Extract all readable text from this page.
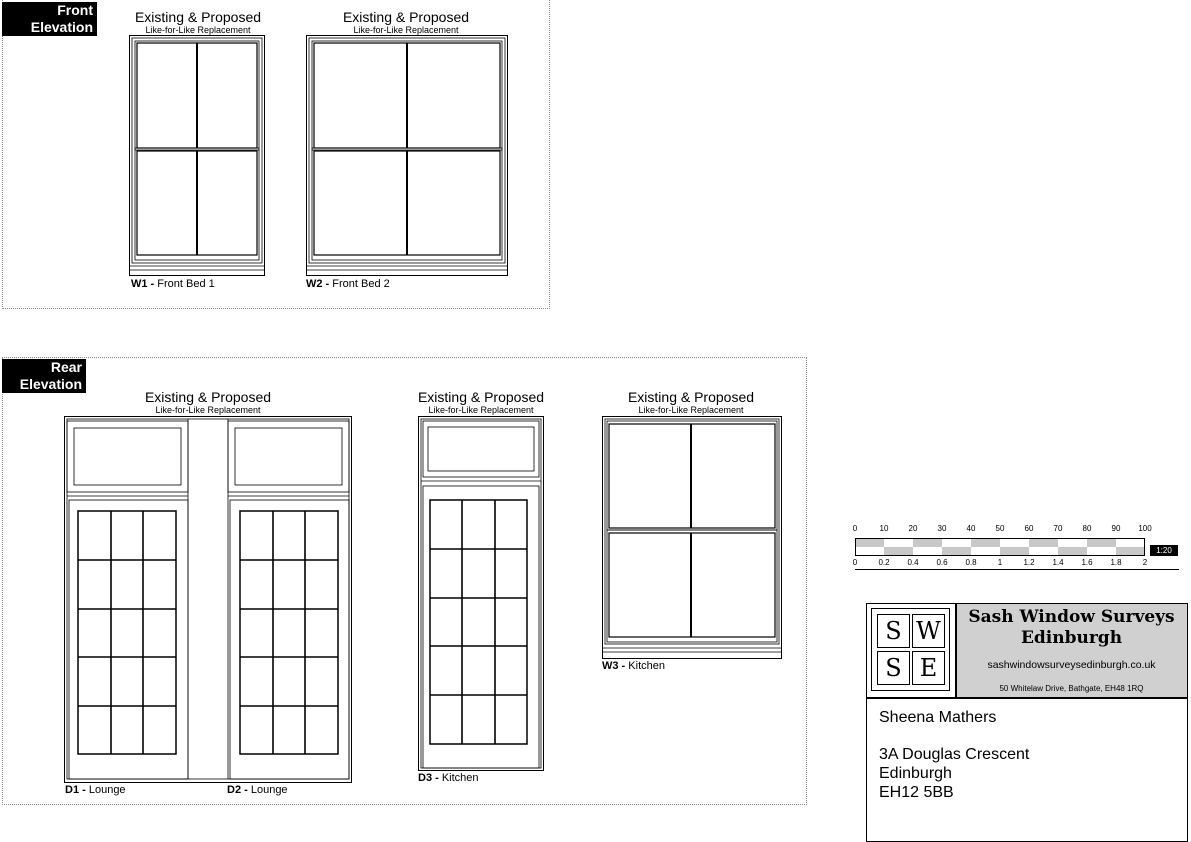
Front
Elevation
Existing & Proposed
Like-for-Like Replacement
W1 - Front Bed 1
Existing & Proposed
Like-for-Like Replacement
W2 - Front Bed 2
Rear
Elevation
Existing & Proposed
Like-for-Like Replacement
D1 - Lounge	D2 - Lounge
Existing & Proposed
Like-for-Like Replacement
D3 - Kitchen
Existing & Proposed
Like-for-Like Replacement
W3 - Kitchen
0	10	20	30	40	50	60	70	80	90	100
0	0.2	0.4	0.6	0.8	1	1.2	1.4	1.6	1.8	2
1:20
S W
S E
Sash Window Surveys
Edinburgh
sashwindowsurveysedinburgh.co.uk
50 Whitelaw Drive, Bathgate, EH48 1RQ
Sheena Mathers
3A Douglas Crescent
Edinburgh
EH12 5BB
